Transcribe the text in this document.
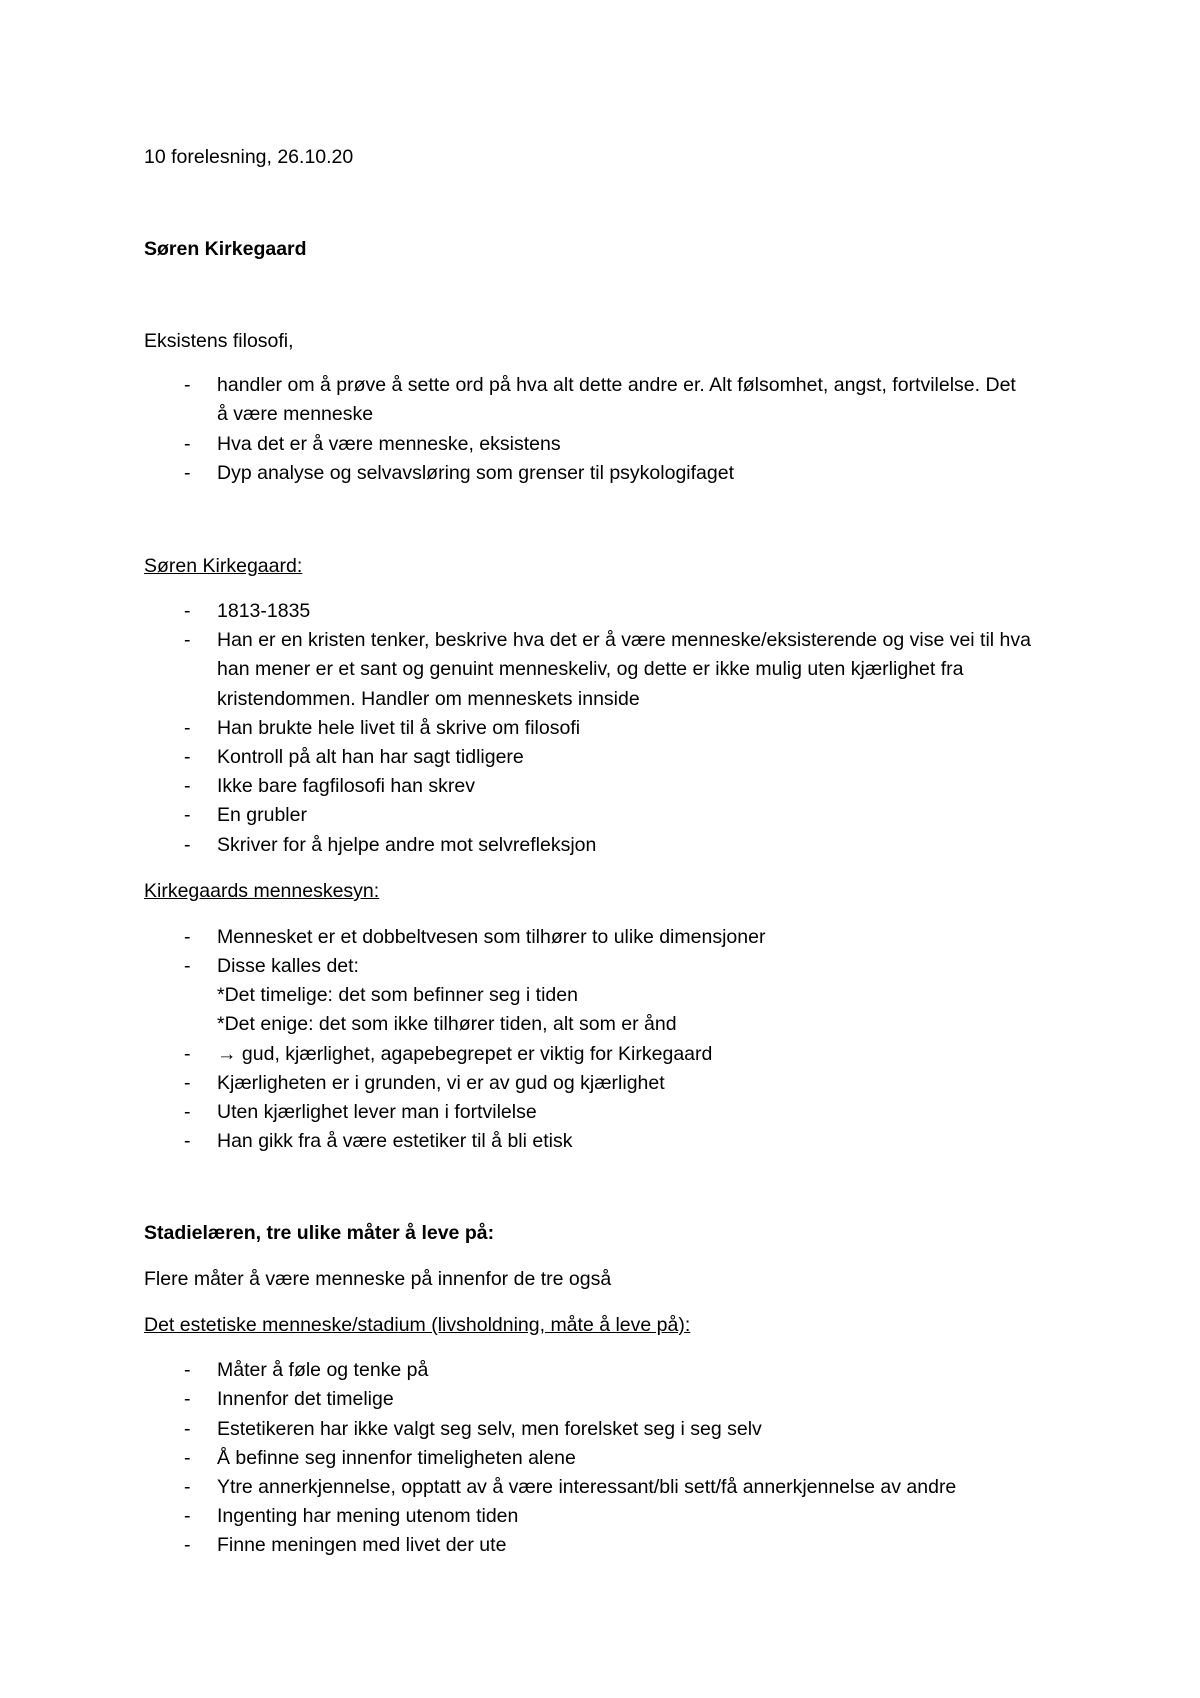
10 forelesning, 26.10.20
Søren Kirkegaard
Eksistens filosofi,
- handler om å prøve å sette ord på hva alt dette andre er. Alt følsomhet, angst, fortvilelse. Det
å være menneske
- Hva det er å være menneske, eksistens
- Dyp analyse og selvavsløring som grenser til psykologifaget
Søren Kirkegaard:
- 1813-1835
- Han er en kristen tenker, beskrive hva det er å være menneske/eksisterende og vise vei til hva
han mener er et sant og genuint menneskeliv, og dette er ikke mulig uten kjærlighet fra
kristendommen. Handler om menneskets innside
- Han brukte hele livet til å skrive om filosofi
- Kontroll på alt han har sagt tidligere
- Ikke bare fagfilosofi han skrev
- En grubler
- Skriver for å hjelpe andre mot selvrefleksjon
Kirkegaards menneskesyn:
- Mennesket er et dobbeltvesen som tilhører to ulike dimensjoner
- Disse kalles det:
*Det timelige: det som befinner seg i tiden
*Det enige: det som ikke tilhører tiden, alt som er ånd
- → gud, kjærlighet, agapebegrepet er viktig for Kirkegaard
- Kjærligheten er i grunden, vi er av gud og kjærlighet
- Uten kjærlighet lever man i fortvilelse
- Han gikk fra å være estetiker til å bli etisk
Stadielæren, tre ulike måter å leve på:
Flere måter å være menneske på innenfor de tre også
Det estetiske menneske/stadium (livsholdning, måte å leve på):
- Måter å føle og tenke på
- Innenfor det timelige
- Estetikeren har ikke valgt seg selv, men forelsket seg i seg selv
- Å befinne seg innenfor timeligheten alene
- Ytre annerkjennelse, opptatt av å være interessant/bli sett/få annerkjennelse av andre
- Ingenting har mening utenom tiden
- Finne meningen med livet der ute
